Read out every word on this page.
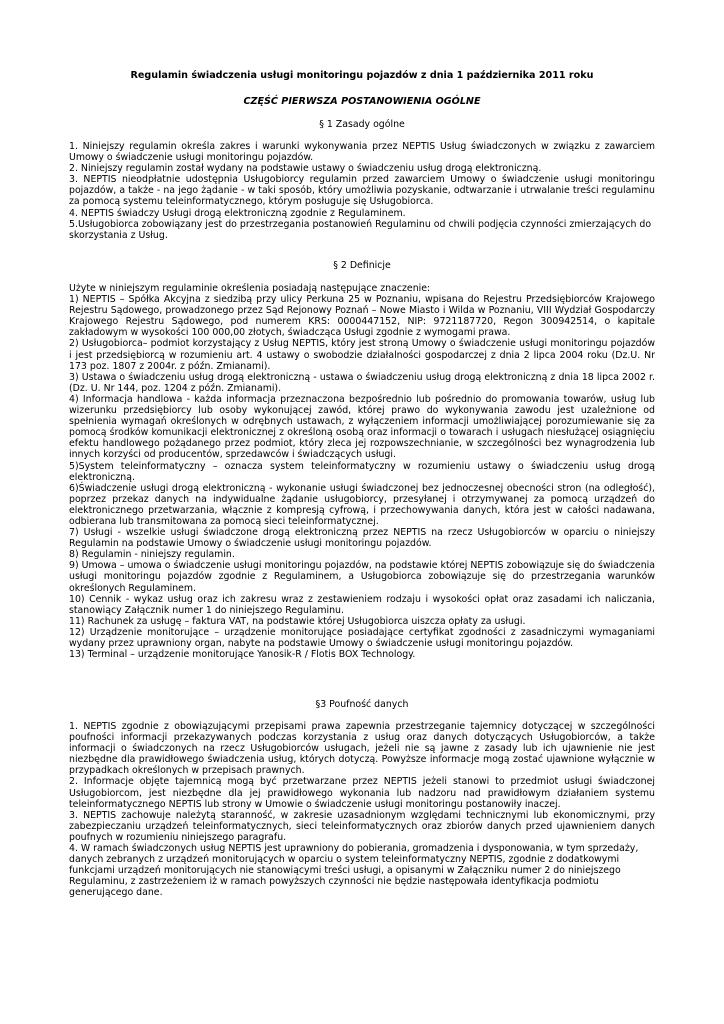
Regulamin świadczenia usługi monitoringu pojazdów z dnia 1 października 2011 roku
CZĘŚĆ PIERWSZA POSTANOWIENIA OGÓLNE
§ 1 Zasady ogólne

1. Niniejszy regulamin określa zakres i warunki wykonywania przez NEPTIS Usług świadczonych w związku z zawarciem Umowy o świadczenie usługi monitoringu pojazdów.

2. Niniejszy regulamin został wydany na podstawie ustawy o świadczeniu usług drogą elektroniczną.

3. NEPTIS nieodpłatnie udostępnia Usługobiorcy regulamin przed zawarciem Umowy o świadczenie usługi monitoringu pojazdów, a także - na jego żądanie - w taki sposób, który umożliwia pozyskanie, odtwarzanie i utrwalanie treści regulaminu za pomocą systemu teleinformatycznego, którym posługuje się Usługobiorca.

4. NEPTIS świadczy Usługi drogą elektroniczną zgodnie z Regulaminem.

5.Usługobiorca zobowiązany jest do przestrzegania postanowień Regulaminu od chwili podjęcia czynności zmierzających do skorzystania z Usług.

§ 2 Definicje

Użyte w niniejszym regulaminie określenia posiadają następujące znaczenie:

1) NEPTIS – Spółka Akcyjna z siedzibą przy ulicy Perkuna 25 w Poznaniu, wpisana do Rejestru Przedsiębiorców Krajowego Rejestru Sądowego, prowadzonego przez Sąd Rejonowy Poznań – Nowe Miasto i Wilda w Poznaniu, VIII Wydział Gospodarczy Krajowego Rejestru Sądowego, pod numerem KRS: 0000447152, NIP: 9721187720, Regon 300942514, o kapitale zakładowym w wysokości 100 000,00 złotych, świadcząca Usługi zgodnie z wymogami prawa.

2) Usługobiorca– podmiot korzystający z Usług NEPTIS, który jest stroną Umowy o świadczenie usługi monitoringu pojazdów i jest przedsiębiorcą w rozumieniu art. 4 ustawy o swobodzie działalności gospodarczej z dnia 2 lipca 2004 roku (Dz.U. Nr 173 poz. 1807 z 2004r. z późn. Zmianami).

3) Ustawa o świadczeniu usług drogą elektroniczną - ustawa o świadczeniu usług drogą elektroniczną z dnia 18 lipca 2002 r. (Dz. U. Nr 144, poz. 1204 z późn. Zmianami).

4) Informacja handlowa - każda informacja przeznaczona bezpośrednio lub pośrednio do promowania towarów, usług lub wizerunku przedsiębiorcy lub osoby wykonującej zawód, której prawo do wykonywania zawodu jest uzależnione od spełnienia wymagań określonych w odrębnych ustawach, z wyłączeniem informacji umożliwiającej porozumiewanie się za pomocą środków komunikacji elektronicznej z określoną osobą oraz informacji o towarach i usługach niesłużącej osiągnięciu efektu handlowego pożądanego przez podmiot, który zleca jej rozpowszechnianie, w szczególności bez wynagrodzenia lub innych korzyści od producentów, sprzedawców i świadczących usługi.

5)System teleinformatyczny – oznacza system teleinformatyczny w rozumieniu ustawy o świadczeniu usług drogą elektroniczną.

6)Świadczenie usługi drogą elektroniczną - wykonanie usługi świadczonej bez jednoczesnej obecności stron (na odległość), poprzez przekaz danych na indywidualne żądanie usługobiorcy, przesyłanej i otrzymywanej za pomocą urządzeń do elektronicznego przetwarzania, włącznie z kompresją cyfrową, i przechowywania danych, która jest w całości nadawana, odbierana lub transmitowana za pomocą sieci teleinformatycznej.

7) Usługi - wszelkie usługi świadczone drogą elektroniczną przez NEPTIS na rzecz Usługobiorców w oparciu o niniejszy Regulamin na podstawie Umowy o świadczenie usługi monitoringu pojazdów.

8) Regulamin - niniejszy regulamin.

9) Umowa – umowa o świadczenie usługi monitoringu pojazdów, na podstawie której NEPTIS zobowiązuje się do świadczenia usługi monitoringu pojazdów zgodnie z Regulaminem, a Usługobiorca zobowiązuje się do przestrzegania warunków określonych Regulaminem.

10) Cennik - wykaz usług oraz ich zakresu wraz z zestawieniem rodzaju i wysokości opłat oraz zasadami ich naliczania, stanowiący Załącznik numer 1 do niniejszego Regulaminu.

11) Rachunek za usługę – faktura VAT, na podstawie której Usługobiorca uiszcza opłaty za usługi.

12) Urządzenie monitorujące – urządzenie monitorujące posiadające certyfikat zgodności z zasadniczymi wymaganiami wydany przez uprawniony organ, nabyte na podstawie Umowy o świadczenie usługi monitoringu pojazdów.

13) Terminal – urządzenie monitorujące Yanosik-R / Flotis BOX Technology.

§3 Poufność danych

1. NEPTIS zgodnie z obowiązującymi przepisami prawa zapewnia przestrzeganie tajemnicy dotyczącej w szczególności poufności informacji przekazywanych podczas korzystania z usług oraz danych dotyczących Usługobiorców, a także informacji o świadczonych na rzecz Usługobiorców usługach, jeżeli nie są jawne z zasady lub ich ujawnienie nie jest niezbędne dla prawidłowego świadczenia usług, których dotyczą. Powyższe informacje mogą zostać ujawnione wyłącznie w przypadkach określonych w przepisach prawnych.

2. Informacje objęte tajemnicą mogą być przetwarzane przez NEPTIS jeżeli stanowi to przedmiot usługi świadczonej Usługobiorcom, jest niezbędne dla jej prawidłowego wykonania lub nadzoru nad prawidłowym działaniem systemu teleinformatycznego NEPTIS lub strony w Umowie o świadczenie usługi monitoringu postanowiły inaczej.

3. NEPTIS zachowuje należytą staranność, w zakresie uzasadnionym względami technicznymi lub ekonomicznymi, przy zabezpieczaniu urządzeń teleinformatycznych, sieci teleinformatycznych oraz zbiorów danych przed ujawnieniem danych poufnych w rozumieniu niniejszego paragrafu.

4. W ramach świadczonych usług NEPTIS jest uprawniony do pobierania, gromadzenia i dysponowania, w tym sprzedaży, danych zebranych z urządzeń monitorujących w oparciu o system teleinformatyczny NEPTIS, zgodnie z dodatkowymi funkcjami urządzeń monitorujących nie stanowiącymi treści usługi, a opisanymi w Załączniku numer 2 do niniejszego Regulaminu, z zastrzeżeniem iż w ramach powyższych czynności nie będzie następowała identyfikacja podmiotu generującego dane.
